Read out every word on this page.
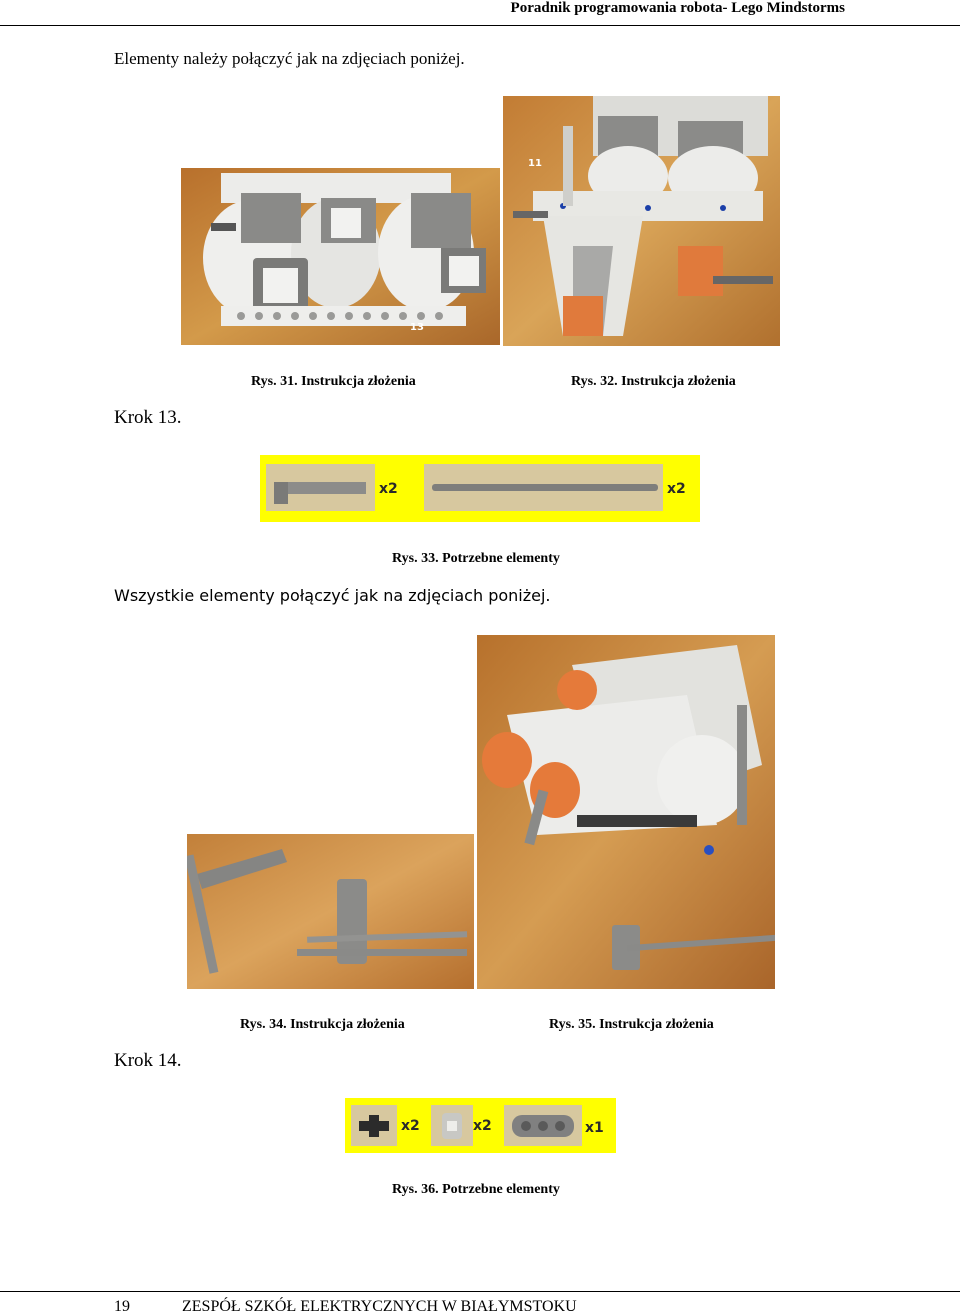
Poradnik programowania robota- Lego Mindstorms
Elementy należy połączyć jak na zdjęciach poniżej.
13
11
Rys. 31. Instrukcja złożenia	Rys. 32. Instrukcja złożenia
Krok 13.
x2	x2
Rys. 33. Potrzebne elementy
Wszystkie elementy połączyć jak na zdjęciach poniżej.
Rys. 34. Instrukcja złożenia	Rys. 35. Instrukcja złożenia
Krok 14.
x2	x2	x1
Rys. 36. Potrzebne elementy
19	ZESPÓŁ SZKÓŁ ELEKTRYCZNYCH W BIAŁYMSTOKU
